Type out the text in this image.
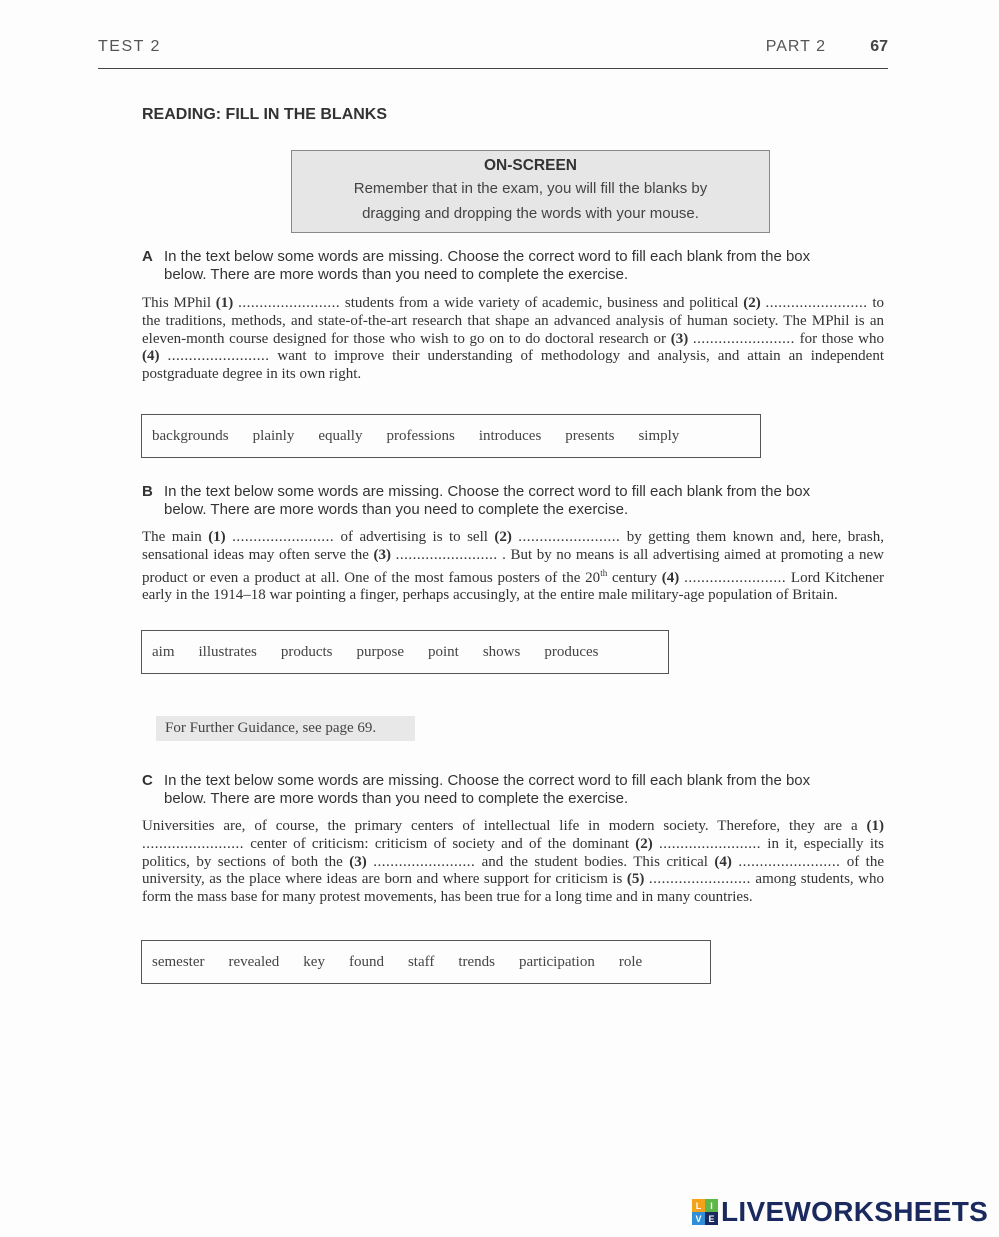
TEST 2	PART 2	67
READING: FILL IN THE BLANKS
ON-SCREEN
Remember that in the exam, you will fill the blanks by
dragging and dropping the words with your mouse.
A In the text below some words are missing. Choose the correct word to fill each blank from the box
below. There are more words than you need to complete the exercise.
This MPhil (1) ........................ students from a wide variety of academic, business and political (2) ........................ to the traditions, methods, and state-of-the-art research that shape an advanced analysis of human society. The MPhil is an eleven-month course designed for those who wish to go on to do doctoral research or (3) ........................ for those who (4) ........................ want to improve their understanding of methodology and analysis, and attain an independent postgraduate degree in its own right.
backgrounds plainly equally professions introduces presents simply
B In the text below some words are missing. Choose the correct word to fill each blank from the box
below. There are more words than you need to complete the exercise.
The main (1) ........................ of advertising is to sell (2) ........................ by getting them known and, here, brash, sensational ideas may often serve the (3) ........................ . But by no means is all advertising aimed at promoting a new product or even a product at all. One of the most famous posters of the 20th century (4) ........................ Lord Kitchener early in the 1914–18 war pointing a finger, perhaps accusingly, at the entire male military-age population of Britain.
aim illustrates products purpose point shows produces
For Further Guidance, see page 69.
C In the text below some words are missing. Choose the correct word to fill each blank from the box
below. There are more words than you need to complete the exercise.
Universities are, of course, the primary centers of intellectual life in modern society. Therefore, they are a (1) ........................ center of criticism: criticism of society and of the dominant (2) ........................ in it, especially its politics, by sections of both the (3) ........................ and the student bodies. This critical (4) ........................ of the university, as the place where ideas are born and where support for criticism is (5) ........................ among students, who form the mass base for many protest movements, has been true for a long time and in many countries.
semester revealed key found staff trends participation role
L I
V E LIVEWORKSHEETS
